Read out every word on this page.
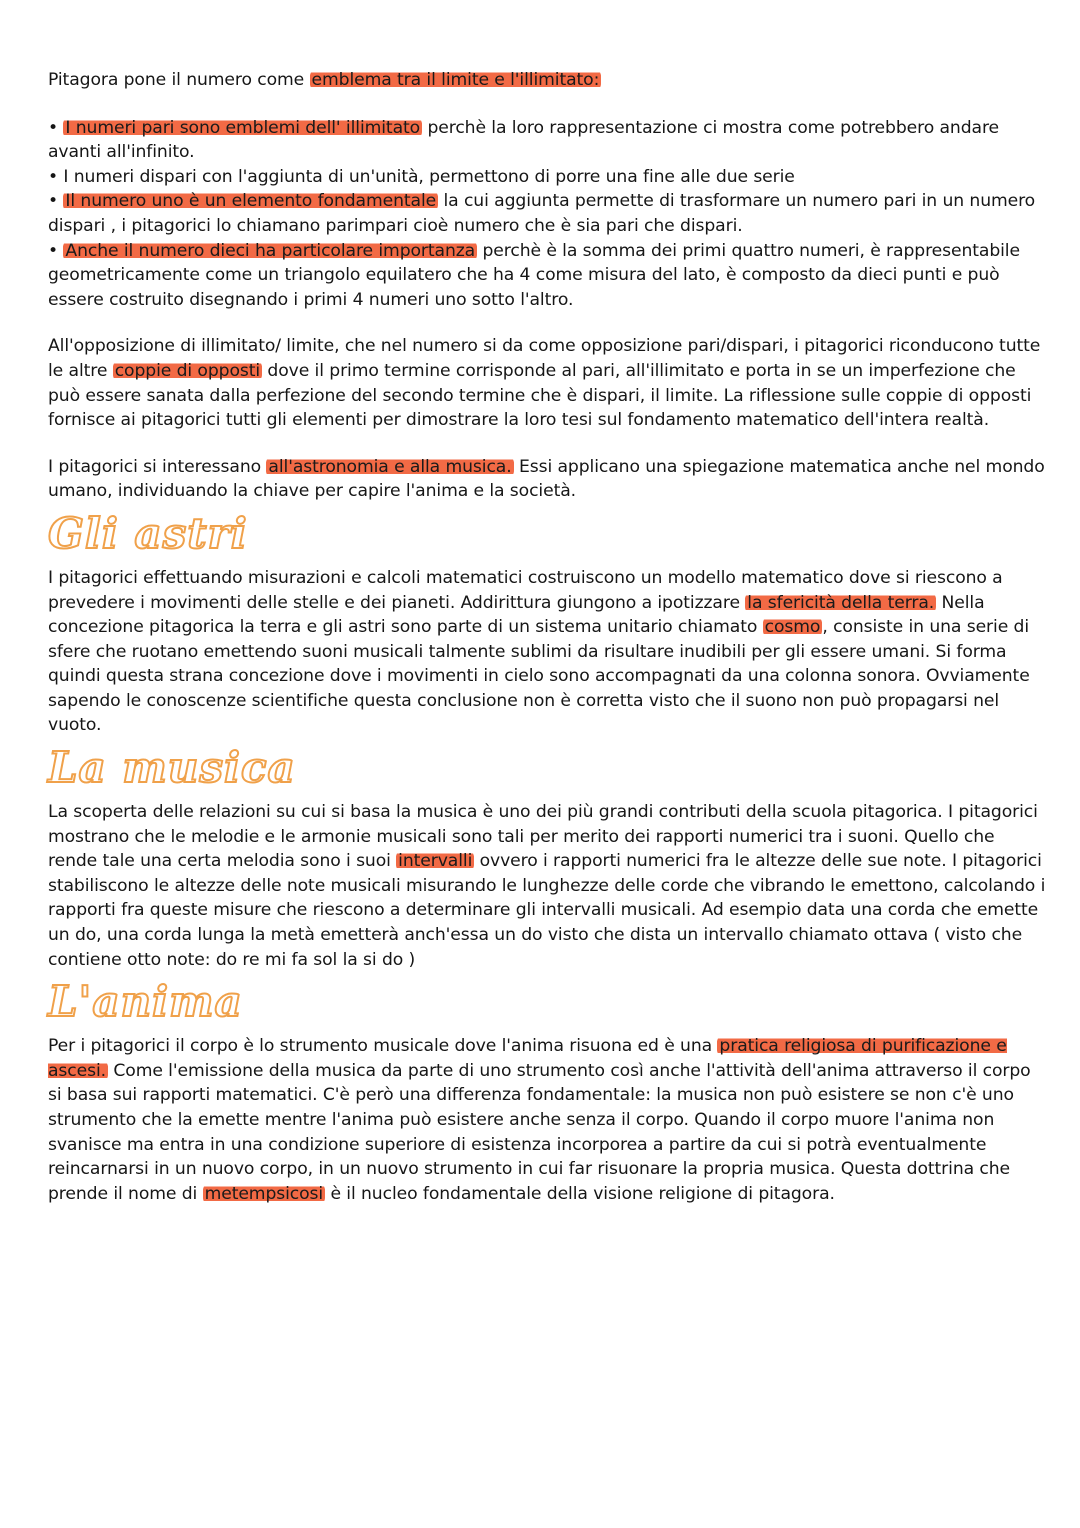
Pitagora pone il numero come emblema tra il limite e l'illimitato:

• I numeri pari sono emblemi dell' illimitato perchè la loro rappresentazione ci mostra come potrebbero andare avanti all'infinito.

• I numeri dispari con l'aggiunta di un'unità, permettono di porre una fine alle due serie

• Il numero uno è un elemento fondamentale la cui aggiunta permette di trasformare un numero pari in un numero dispari , i pitagorici lo chiamano parimpari cioè numero che è sia pari che dispari.

• Anche il numero dieci ha particolare importanza perchè è la somma dei primi quattro numeri, è rappresentabile geometricamente come un triangolo equilatero che ha 4 come misura del lato, è composto da dieci punti e può essere costruito disegnando i primi 4 numeri uno sotto l'altro.

All'opposizione di illimitato/ limite, che nel numero si da come opposizione pari/dispari, i pitagorici riconducono tutte le altre coppie di opposti dove il primo termine corrisponde al pari, all'illimitato e porta in se un imperfezione che può essere sanata dalla perfezione del secondo termine che è dispari, il limite. La riflessione sulle coppie di opposti fornisce ai pitagorici tutti gli elementi per dimostrare la loro tesi sul fondamento matematico dell'intera realtà.

I pitagorici si interessano all'astronomia e alla musica. Essi applicano una spiegazione matematica anche nel mondo umano, individuando la chiave per capire l'anima e la società.

Gli astri

I pitagorici effettuando misurazioni e calcoli matematici costruiscono un modello matematico dove si riescono a prevedere i movimenti delle stelle e dei pianeti. Addirittura giungono a ipotizzare la sfericità della terra. Nella concezione pitagorica la terra e gli astri sono parte di un sistema unitario chiamato cosmo , consiste in una serie di sfere che ruotano emettendo suoni musicali talmente sublimi da risultare inudibili per gli essere umani. Si forma quindi questa strana concezione dove i movimenti in cielo sono accompagnati da una colonna sonora. Ovviamente sapendo le conoscenze scientifiche questa conclusione non è corretta visto che il suono non può propagarsi nel vuoto.

La musica

La scoperta delle relazioni su cui si basa la musica è uno dei più grandi contributi della scuola pitagorica. I pitagorici mostrano che le melodie e le armonie musicali sono tali per merito dei rapporti numerici tra i suoni. Quello che rende tale una certa melodia sono i suoi intervalli ovvero i rapporti numerici fra le altezze delle sue note. I pitagorici stabiliscono le altezze delle note musicali misurando le lunghezze delle corde che vibrando le emettono, calcolando i rapporti fra queste misure che riescono a determinare gli intervalli musicali. Ad esempio data una corda che emette un do, una corda lunga la metà emetterà anch'essa un do visto che dista un intervallo chiamato ottava ( visto che contiene otto note: do re mi fa sol la si do )

L'anima

Per i pitagorici il corpo è lo strumento musicale dove l'anima risuona ed è una pratica religiosa di purificazione e ascesi. Come l'emissione della musica da parte di uno strumento così anche l'attività dell'anima attraverso il corpo si basa sui rapporti matematici. C'è però una differenza fondamentale: la musica non può esistere se non c'è uno strumento che la emette mentre l'anima può esistere anche senza il corpo. Quando il corpo muore l'anima non svanisce ma entra in una condizione superiore di esistenza incorporea a partire da cui si potrà eventualmente reincarnarsi in un nuovo corpo, in un nuovo strumento in cui far risuonare la propria musica. Questa dottrina che prende il nome di metempsicosi è il nucleo fondamentale della visione religione di pitagora.
